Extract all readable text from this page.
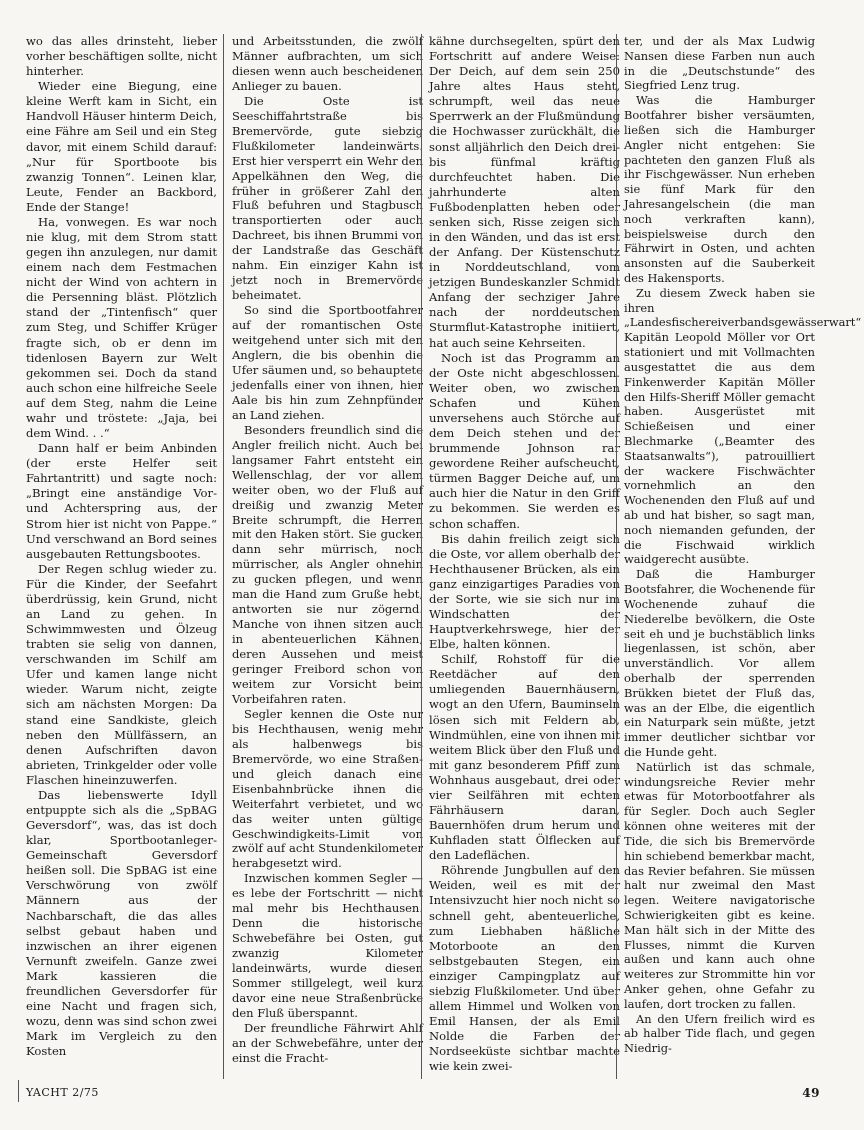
wo das alles drinsteht, lieber vorher beschäftigen sollte, nicht hinterher.

Wieder eine Biegung, eine kleine Werft kam in Sicht, ein Handvoll Häuser hinterm Deich, eine Fähre am Seil und ein Steg davor, mit einem Schild darauf: „Nur für Sportboote bis zwanzig Tonnen“. Leinen klar, Leute, Fender an Backbord, Ende der Stange!

Ha, vonwegen. Es war noch nie klug, mit dem Strom statt gegen ihn anzulegen, nur damit einem nach dem Festmachen nicht der Wind von achtern in die Persenning bläst. Plötzlich stand der „Tintenfisch“ quer zum Steg, und Schiffer Krüger fragte sich, ob er denn im tidenlosen Bayern zur Welt gekommen sei. Doch da stand auch schon eine hilfreiche Seele auf dem Steg, nahm die Leine wahr und tröstete: „Jaja, bei dem Wind. . .“

Dann half er beim Anbinden (der erste Helfer seit Fahrtantritt) und sagte noch: „Bringt eine anständige Vor- und Achterspring aus, der Strom hier ist nicht von Pappe.“ Und verschwand an Bord seines ausgebauten Rettungsbootes.

Der Regen schlug wieder zu. Für die Kinder, der Seefahrt überdrüssig, kein Grund, nicht an Land zu gehen. In Schwimmwesten und Ölzeug trabten sie selig von dannen, verschwanden im Schilf am Ufer und kamen lange nicht wieder. Warum nicht, zeigte sich am nächsten Morgen: Da stand eine Sandkiste, gleich neben den Müllfässern, an denen Aufschriften davon abrieten, Trinkgelder oder volle Flaschen hineinzuwerfen.

Das liebenswerte Idyll entpuppte sich als die „SpBAG Geversdorf“, was, das ist doch klar, Sportbootanleger-Gemeinschaft Geversdorf heißen soll. Die SpBAG ist eine Verschwörung von zwölf Männern aus der Nachbarschaft, die das alles selbst gebaut haben und inzwischen an ihrer eigenen Vernunft zweifeln. Ganze zwei Mark kassieren die freundlichen Geversdorfer für eine Nacht und fragen sich, wozu, denn was sind schon zwei Mark im Vergleich zu den Kosten

und Arbeitsstunden, die zwölf Männer aufbrachten, um sich diesen wenn auch bescheidenen Anlieger zu bauen.

Die Oste ist Seeschiffahrtstraße bis Bremervörde, gute siebzig Flußkilometer landeinwärts. Erst hier versperrt ein Wehr den Appelkähnen den Weg, die früher in größerer Zahl den Fluß befuhren und Stagbusch transportierten oder auch Dachreet, bis ihnen Brummi von der Landstraße das Geschäft nahm. Ein einziger Kahn ist jetzt noch in Bremervörde beheimatet.

So sind die Sportbootfahrer auf der romantischen Oste weitgehend unter sich mit den Anglern, die bis obenhin die Ufer säumen und, so behauptete jedenfalls einer von ihnen, hier Aale bis hin zum Zehnpfünder an Land ziehen.

Besonders freundlich sind die Angler freilich nicht. Auch bei langsamer Fahrt entsteht ein Wellenschlag, der vor allem weiter oben, wo der Fluß auf dreißig und zwanzig Meter Breite schrumpft, die Herren mit den Haken stört. Sie gucken dann sehr mürrisch, noch mürrischer, als Angler ohnehin zu gucken pflegen, und wenn man die Hand zum Gruße hebt, antworten sie nur zögernd. Manche von ihnen sitzen auch in abenteuerlichen Kähnen, deren Aussehen und meist geringer Freibord schon von weitem zur Vorsicht beim Vorbeifahren raten.

Segler kennen die Oste nur bis Hechthausen, wenig mehr als halbenwegs bis Bremervörde, wo eine Straßen- und gleich danach eine Eisenbahnbrücke ihnen die Weiterfahrt verbietet, und wo das weiter unten gültige Geschwindigkeits-Limit von zwölf auf acht Stundenkilometer herabgesetzt wird.

Inzwischen kommen Segler — es lebe der Fortschritt — nicht mal mehr bis Hechthausen. Denn die historische Schwebefähre bei Osten, gut zwanzig Kilometer landeinwärts, wurde diesen Sommer stillgelegt, weil kurz davor eine neue Straßenbrücke den Fluß überspannt.

Der freundliche Fährwirt Ahlf an der Schwebefähre, unter der einst die Fracht-

kähne durchsegelten, spürt den Fortschritt auf andere Weise: Der Deich, auf dem sein 250 Jahre altes Haus steht, schrumpft, weil das neue Sperrwerk an der Flußmündung die Hochwasser zurückhält, die sonst alljährlich den Deich drei- bis fünfmal kräftig durchfeuchtet haben. Die jahrhunderte alten Fußbodenplatten heben oder senken sich, Risse zeigen sich in den Wänden, und das ist erst der Anfang. Der Küstenschutz in Norddeutschland, vom jetzigen Bundeskanzler Schmidt Anfang der sechziger Jahre nach der norddeutschen Sturmflut-Katastrophe initiiert, hat auch seine Kehrseiten.

Noch ist das Programm an der Oste nicht abgeschlossen. Weiter oben, wo zwischen Schafen und Kühen unversehens auch Störche auf dem Deich stehen und der brummende Johnson rar gewordene Reiher aufscheucht, türmen Bagger Deiche auf, um auch hier die Natur in den Griff zu bekommen. Sie werden es schon schaffen.

Bis dahin freilich zeigt sich die Oste, vor allem oberhalb der Hechthausener Brücken, als ein ganz einzigartiges Paradies von der Sorte, wie sie sich nur im Windschatten der Hauptverkehrswege, hier der Elbe, halten können.

Schilf, Rohstoff für die Reetdächer auf den umliegenden Bauernhäusern, wogt an den Ufern, Bauminseln lösen sich mit Feldern ab, Windmühlen, eine von ihnen mit weitem Blick über den Fluß und mit ganz besonderem Pfiff zum Wohnhaus ausgebaut, drei oder vier Seilfähren mit echten Fährhäusern daran, Bauernhöfen drum herum und Kuhfladen statt Ölflecken auf den Ladeflächen.

Röhrende Jungbullen auf den Weiden, weil es mit der Intensivzucht hier noch nicht so schnell geht, abenteuerliche, zum Liebhaben häßliche Motorboote an den selbstgebauten Stegen, ein einziger Campingplatz auf siebzig Flußkilometer. Und über allem Himmel und Wolken von Emil Hansen, der als Emil Nolde die Farben der Nordseeküste sichtbar machte wie kein zwei-

ter, und der als Max Ludwig Nansen diese Farben nun auch in die „Deutschstunde“ des Siegfried Lenz trug.

Was die Hamburger Bootfahrer bisher versäumten, ließen sich die Hamburger Angler nicht entgehen: Sie pachteten den ganzen Fluß als ihr Fischgewässer. Nun erheben sie fünf Mark für den Jahresangelschein (die man noch verkraften kann), beispielsweise durch den Fährwirt in Osten, und achten ansonsten auf die Sauberkeit des Hakensports.

Zu diesem Zweck haben sie ihren „Landesfischereiverbandsgewässerwart“ Kapitän Leopold Möller vor Ort stationiert und mit Vollmachten ausgestattet die aus dem Finkenwerder Kapitän Möller den Hilfs-Sheriff Möller gemacht haben. Ausgerüstet mit Schießeisen und einer Blechmarke („Beamter des Staatsanwalts“), patrouilliert der wackere Fischwächter vornehmlich an den Wochenenden den Fluß auf und ab und hat bisher, so sagt man, noch niemanden gefunden, der die Fischwaid wirklich waidgerecht ausübte.

Daß die Hamburger Bootsfahrer, die Wochenende für Wochenende zuhauf die Niederelbe bevölkern, die Oste seit eh und je buchstäblich links liegenlassen, ist schön, aber unverständlich. Vor allem oberhalb der sperrenden Brükken bietet der Fluß das, was an der Elbe, die eigentlich ein Naturpark sein müßte, jetzt immer deutlicher sichtbar vor die Hunde geht.

Natürlich ist das schmale, windungsreiche Revier mehr etwas für Motorbootfahrer als für Segler. Doch auch Segler können ohne weiteres mit der Tide, die sich bis Bremervörde hin schiebend bemerkbar macht, das Revier befahren. Sie müssen halt nur zweimal den Mast legen. Weitere navigatorische Schwierigkeiten gibt es keine. Man hält sich in der Mitte des Flusses, nimmt die Kurven außen und kann auch ohne weiteres zur Strommitte hin vor Anker gehen, ohne Gefahr zu laufen, dort trocken zu fallen.

An den Ufern freilich wird es ab halber Tide flach, und gegen Niedrig-

YACHT 2/75	49
